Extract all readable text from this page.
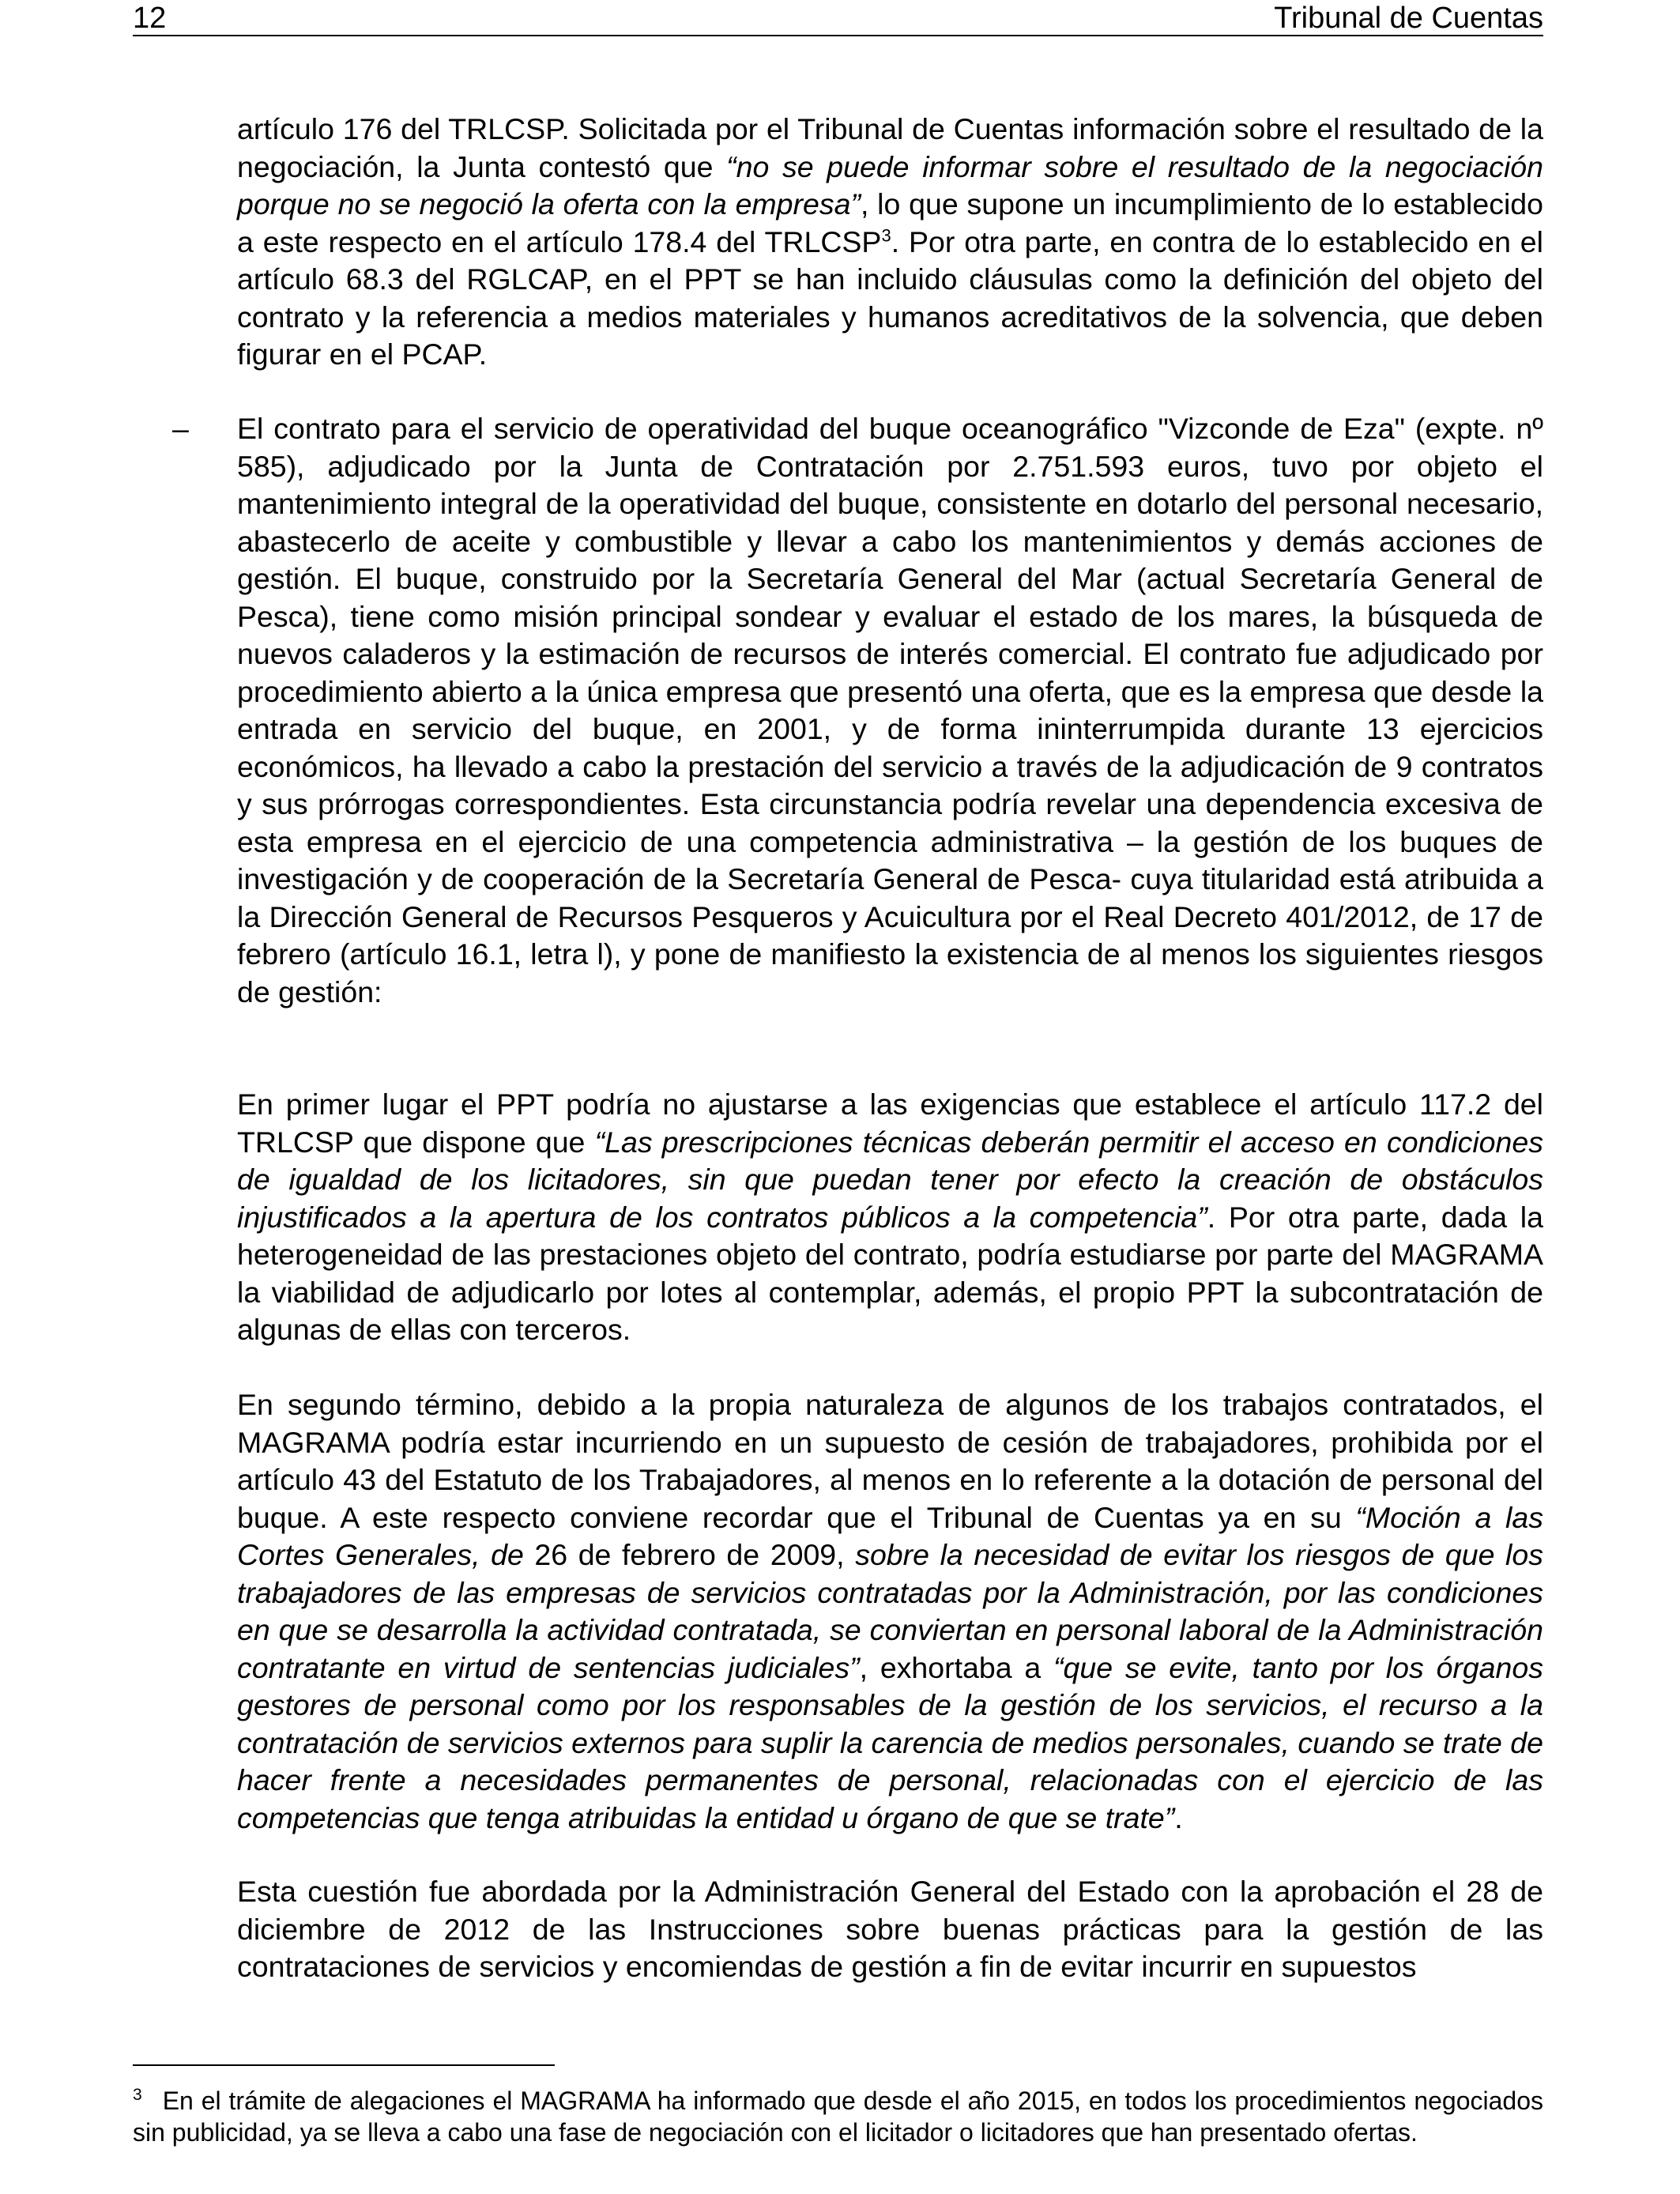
12	Tribunal de Cuentas

artículo 176 del TRLCSP. Solicitada por el Tribunal de Cuentas información sobre el resultado de la negociación, la Junta contestó que “no se puede informar sobre el resultado de la negociación porque no se negoció la oferta con la empresa”, lo que supone un incumplimiento de lo establecido a este respecto en el artículo 178.4 del TRLCSP$^3$. Por otra parte, en contra de lo establecido en el artículo 68.3 del RGLCAP, en el PPT se han incluido cláusulas como la definición del objeto del contrato y la referencia a medios materiales y humanos acreditativos de la solvencia, que deben figurar en el PCAP.

– El contrato para el servicio de operatividad del buque oceanográfico "Vizconde de Eza" (expte. nº 585), adjudicado por la Junta de Contratación por 2.751.593 euros, tuvo por objeto el mantenimiento integral de la operatividad del buque, consistente en dotarlo del personal necesario, abastecerlo de aceite y combustible y llevar a cabo los mantenimientos y demás acciones de gestión. El buque, construido por la Secretaría General del Mar (actual Secretaría General de Pesca), tiene como misión principal sondear y evaluar el estado de los mares, la búsqueda de nuevos caladeros y la estimación de recursos de interés comercial. El contrato fue adjudicado por procedimiento abierto a la única empresa que presentó una oferta, que es la empresa que desde la entrada en servicio del buque, en 2001, y de forma ininterrumpida durante 13 ejercicios económicos, ha llevado a cabo la prestación del servicio a través de la adjudicación de 9 contratos y sus prórrogas correspondientes. Esta circunstancia podría revelar una dependencia excesiva de esta empresa en el ejercicio de una competencia administrativa – la gestión de los buques de investigación y de cooperación de la Secretaría General de Pesca- cuya titularidad está atribuida a la Dirección General de Recursos Pesqueros y Acuicultura por el Real Decreto 401/2012, de 17 de febrero (artículo 16.1, letra l), y pone de manifiesto la existencia de al menos los siguientes riesgos de gestión:

En primer lugar el PPT podría no ajustarse a las exigencias que establece el artículo 117.2 del TRLCSP que dispone que “Las prescripciones técnicas deberán permitir el acceso en condiciones de igualdad de los licitadores, sin que puedan tener por efecto la creación de obstáculos injustificados a la apertura de los contratos públicos a la competencia”. Por otra parte, dada la heterogeneidad de las prestaciones objeto del contrato, podría estudiarse por parte del MAGRAMA la viabilidad de adjudicarlo por lotes al contemplar, además, el propio PPT la subcontratación de algunas de ellas con terceros.

En segundo término, debido a la propia naturaleza de algunos de los trabajos contratados, el MAGRAMA podría estar incurriendo en un supuesto de cesión de trabajadores, prohibida por el artículo 43 del Estatuto de los Trabajadores, al menos en lo referente a la dotación de personal del buque. A este respecto conviene recordar que el Tribunal de Cuentas ya en su “Moción a las Cortes Generales, de 26 de febrero de 2009, sobre la necesidad de evitar los riesgos de que los trabajadores de las empresas de servicios contratadas por la Administración, por las condiciones en que se desarrolla la actividad contratada, se conviertan en personal laboral de la Administración contratante en virtud de sentencias judiciales”, exhortaba a “que se evite, tanto por los órganos gestores de personal como por los responsables de la gestión de los servicios, el recurso a la contratación de servicios externos para suplir la carencia de medios personales, cuando se trate de hacer frente a necesidades permanentes de personal, relacionadas con el ejercicio de las competencias que tenga atribuidas la entidad u órgano de que se trate”.

Esta cuestión fue abordada por la Administración General del Estado con la aprobación el 28 de diciembre de 2012 de las Instrucciones sobre buenas prácticas para la gestión de las contrataciones de servicios y encomiendas de gestión a fin de evitar incurrir en supuestos

$^3$ En el trámite de alegaciones el MAGRAMA ha informado que desde el año 2015, en todos los procedimientos negociados sin publicidad, ya se lleva a cabo una fase de negociación con el licitador o licitadores que han presentado ofertas.
